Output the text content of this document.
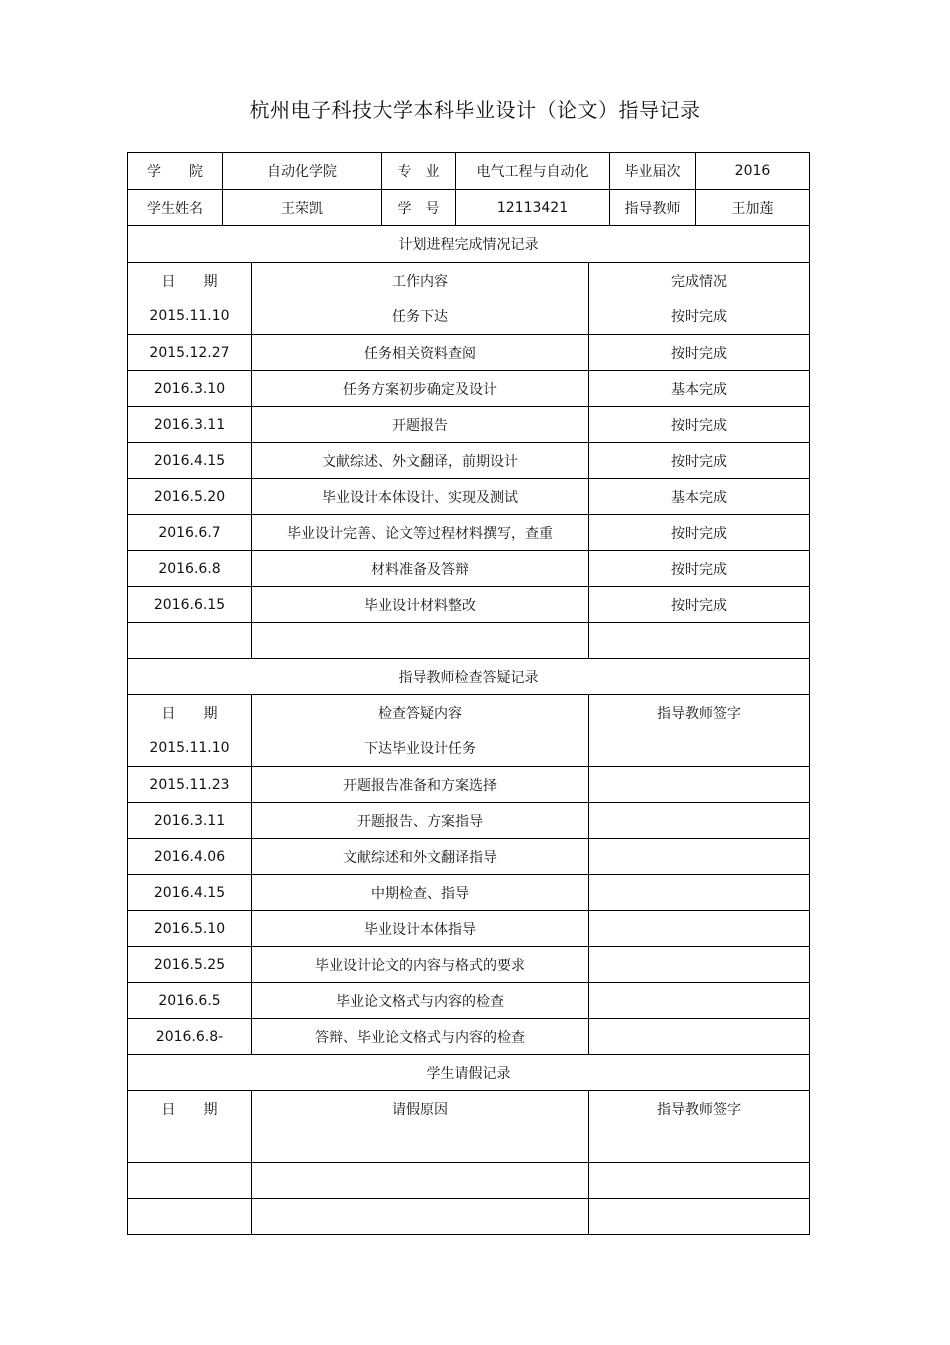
杭州电子科技大学本科毕业设计（论文）指导记录
学　　院	自动化学院	专　业	电气工程与自动化	毕业届次	2016
学生姓名	王荣凯	学　号	12113421	指导教师	王加莲
计划进程完成情况记录
日　　期	工作内容	完成情况
2015.11.10	任务下达	按时完成
2015.12.27	任务相关资料查阅	按时完成
2016.3.10	任务方案初步确定及设计	基本完成
2016.3.11	开题报告	按时完成
2016.4.15	文献综述、外文翻译，前期设计	按时完成
2016.5.20	毕业设计本体设计、实现及测试	基本完成
2016.6.7	毕业设计完善、论文等过程材料撰写，查重	按时完成
2016.6.8	材料准备及答辩	按时完成
2016.6.15	毕业设计材料整改	按时完成
指导教师检查答疑记录
日　　期	检查答疑内容	指导教师签字
2015.11.10	下达毕业设计任务
2015.11.23	开题报告准备和方案选择
2016.3.11	开题报告、方案指导
2016.4.06	文献综述和外文翻译指导
2016.4.15	中期检查、指导
2016.5.10	毕业设计本体指导
2016.5.25	毕业设计论文的内容与格式的要求
2016.6.5	毕业论文格式与内容的检查
2016.6.8-	答辩、毕业论文格式与内容的检查
学生请假记录
日　　期	请假原因	指导教师签字
